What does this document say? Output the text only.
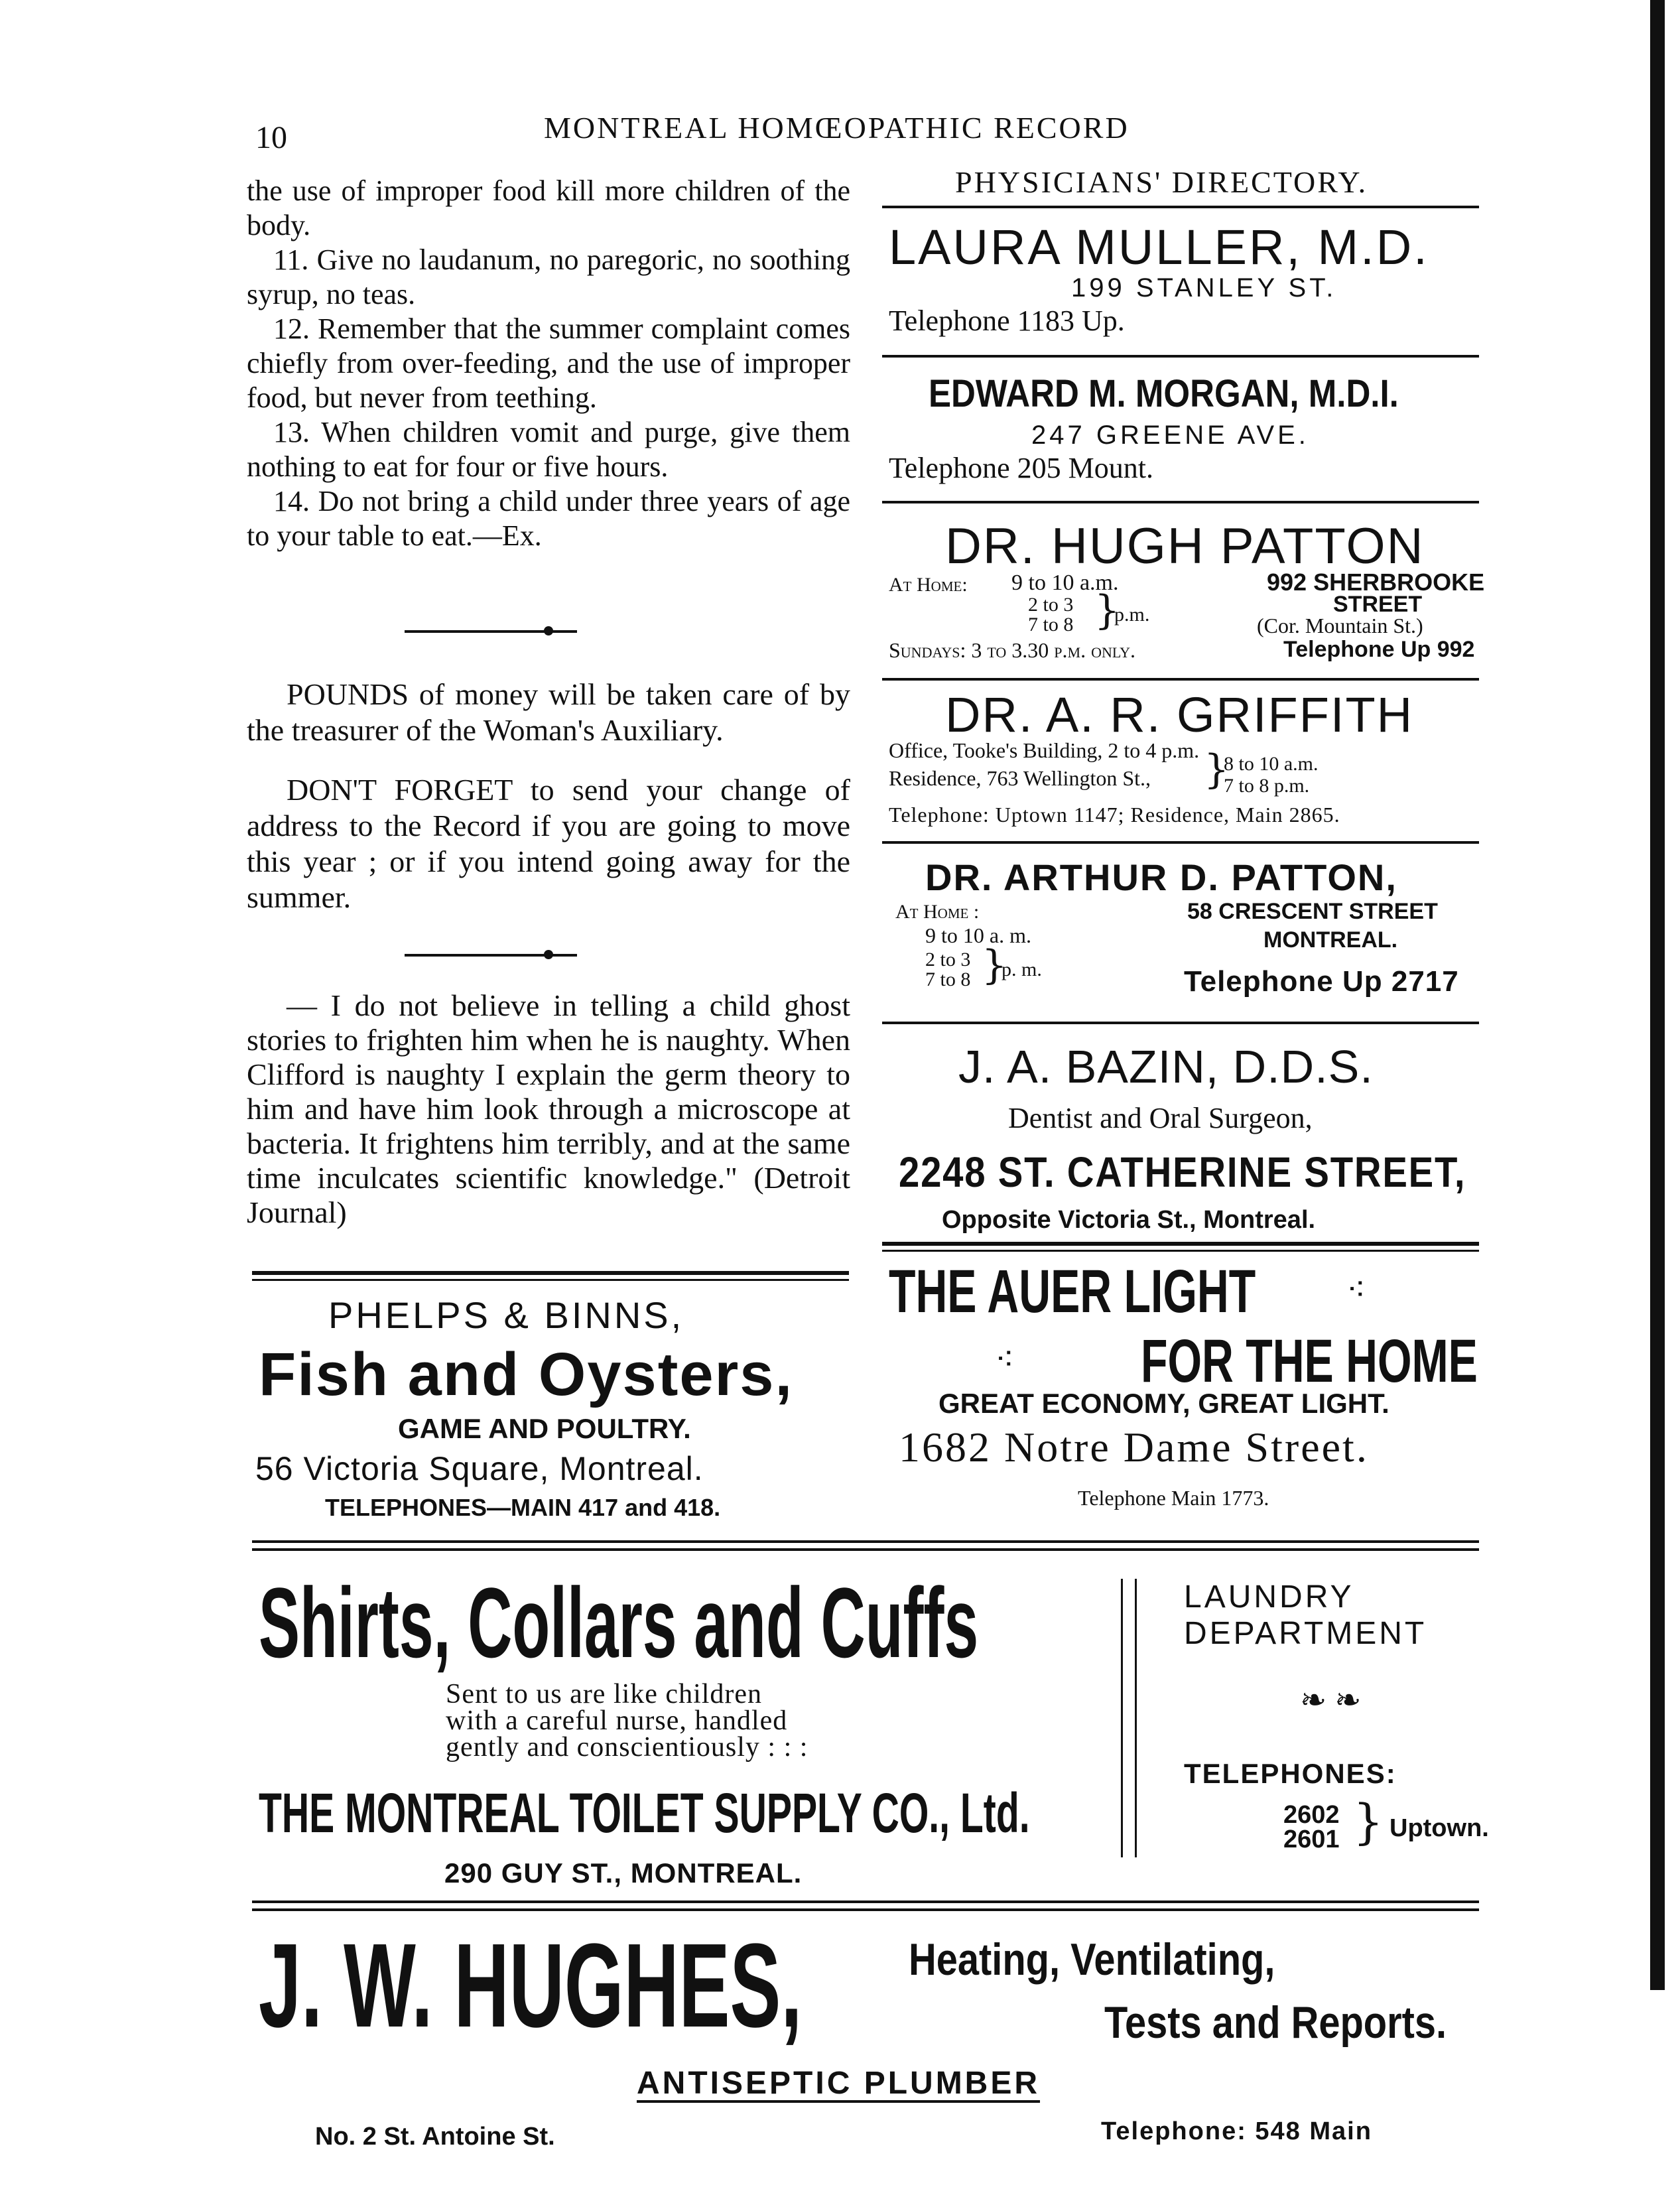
10	MONTREAL HOMŒOPATHIC RECORD

the use of improper food kill more children of the body.

11. Give no laudanum, no paregoric, no soothing syrup, no teas.

12. Remember that the summer complaint comes chiefly from over-feeding, and the use of improper food, but never from teething.

13. When children vomit and purge, give them nothing to eat for four or five hours.

14. Do not bring a child under three years of age to your table to eat.—Ex.

POUNDS of money will be taken care of by the treasurer of the Woman's Auxiliary.

DON'T FORGET to send your change of address to the Record if you are going to move this year ; or if you intend going away for the summer.

— I do not believe in telling a child ghost stories to frighten him when he is naughty. When Clifford is naughty I explain the germ theory to him and have him look through a microscope at bacteria. It frightens him terribly, and at the same time inculcates scientific knowledge." (Detroit Journal)

PHYSICIANS' DIRECTORY.
LAURA MULLER, M.D.
199 STANLEY ST.
Telephone 1183 Up.
EDWARD M. MORGAN, M.D.I.
247 GREENE AVE.
Telephone 205 Mount.
DR. HUGH PATTON
At Home: 9 to 10 a.m.
2 to 3
7 to 8 }
p.m.
Sundays: 3 to 3.30 p.m. only.
992 SHERBROOKE
STREET
(Cor. Mountain St.)
Telephone Up 992
DR. A. R. GRIFFITH
Office, Tooke's Building, 2 to 4 p.m.
Residence, 763 Wellington St., }
8 to 10 a.m.
7 to 8 p.m.
Telephone: Uptown 1147; Residence, Main 2865.
DR. ARTHUR D. PATTON,
At Home :
9 to 10 a. m.
2 to 3
7 to 8 }
p. m.
58 CRESCENT STREET
MONTREAL.
Telephone Up 2717
J. A. BAZIN, D.D.S.
Dentist and Oral Surgeon,
2248 ST. CATHERINE STREET,
Opposite Victoria St., Montreal.
PHELPS & BINNS,
Fish and Oysters,
GAME AND POULTRY.
56 Victoria Square, Montreal.
TELEPHONES—MAIN 417 and 418.
THE AUER LIGHT	⁖
⁖ FOR THE HOME
GREAT ECONOMY, GREAT LIGHT.
1682 Notre Dame Street.
Telephone Main 1773.
Shirts, Collars and Cuffs
Sent to us are like children
with a careful nurse, handled
gently and conscientiously : : :
THE MONTREAL TOILET SUPPLY CO., Ltd.
290 GUY ST., MONTREAL.
LAUNDRY
DEPARTMENT
❧ ❧
TELEPHONES:
2602
2601 } Uptown.
J. W. HUGHES, Heating, Ventilating,
Tests and Reports.
ANTISEPTIC PLUMBER
No. 2 St. Antoine St.	Telephone: 548 Main
